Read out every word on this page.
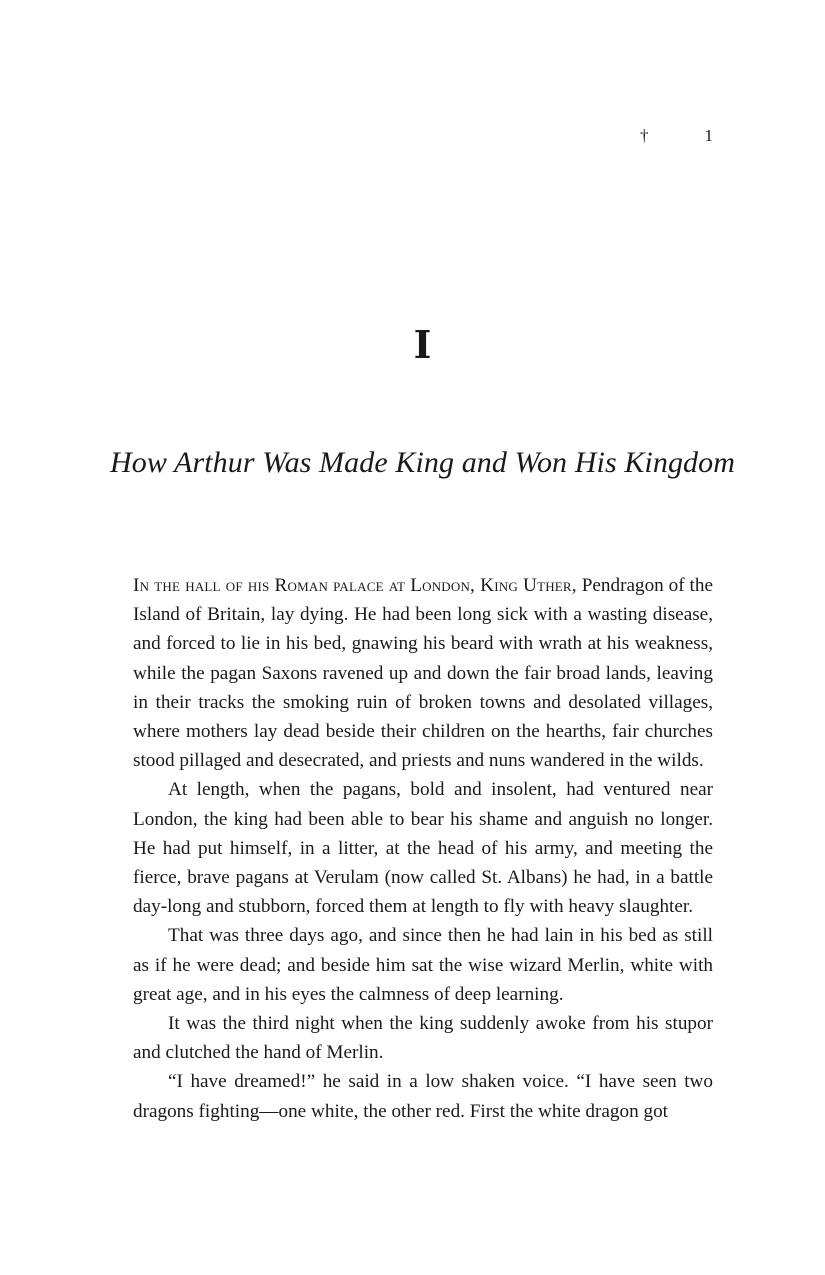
†	1
I
How Arthur Was Made King and Won His Kingdom

In the hall of his Roman palace at London, King Uther, Pendragon of the Island of Britain, lay dying. He had been long sick with a wasting disease, and forced to lie in his bed, gnawing his beard with wrath at his weakness, while the pagan Saxons ravened up and down the fair broad lands, leaving in their tracks the smoking ruin of broken towns and desolated villages, where mothers lay dead beside their children on the hearths, fair churches stood pillaged and desecrated, and priests and nuns wandered in the wilds.

At length, when the pagans, bold and insolent, had ventured near London, the king had been able to bear his shame and anguish no longer. He had put himself, in a litter, at the head of his army, and meeting the fierce, brave pagans at Verulam (now called St. Albans) he had, in a battle day-long and stubborn, forced them at length to fly with heavy slaughter.

That was three days ago, and since then he had lain in his bed as still as if he were dead; and beside him sat the wise wizard Merlin, white with great age, and in his eyes the calmness of deep learning.

It was the third night when the king suddenly awoke from his stupor and clutched the hand of Merlin.

“I have dreamed!” he said in a low shaken voice. “I have seen two dragons fighting—one white, the other red. First the white dragon got
